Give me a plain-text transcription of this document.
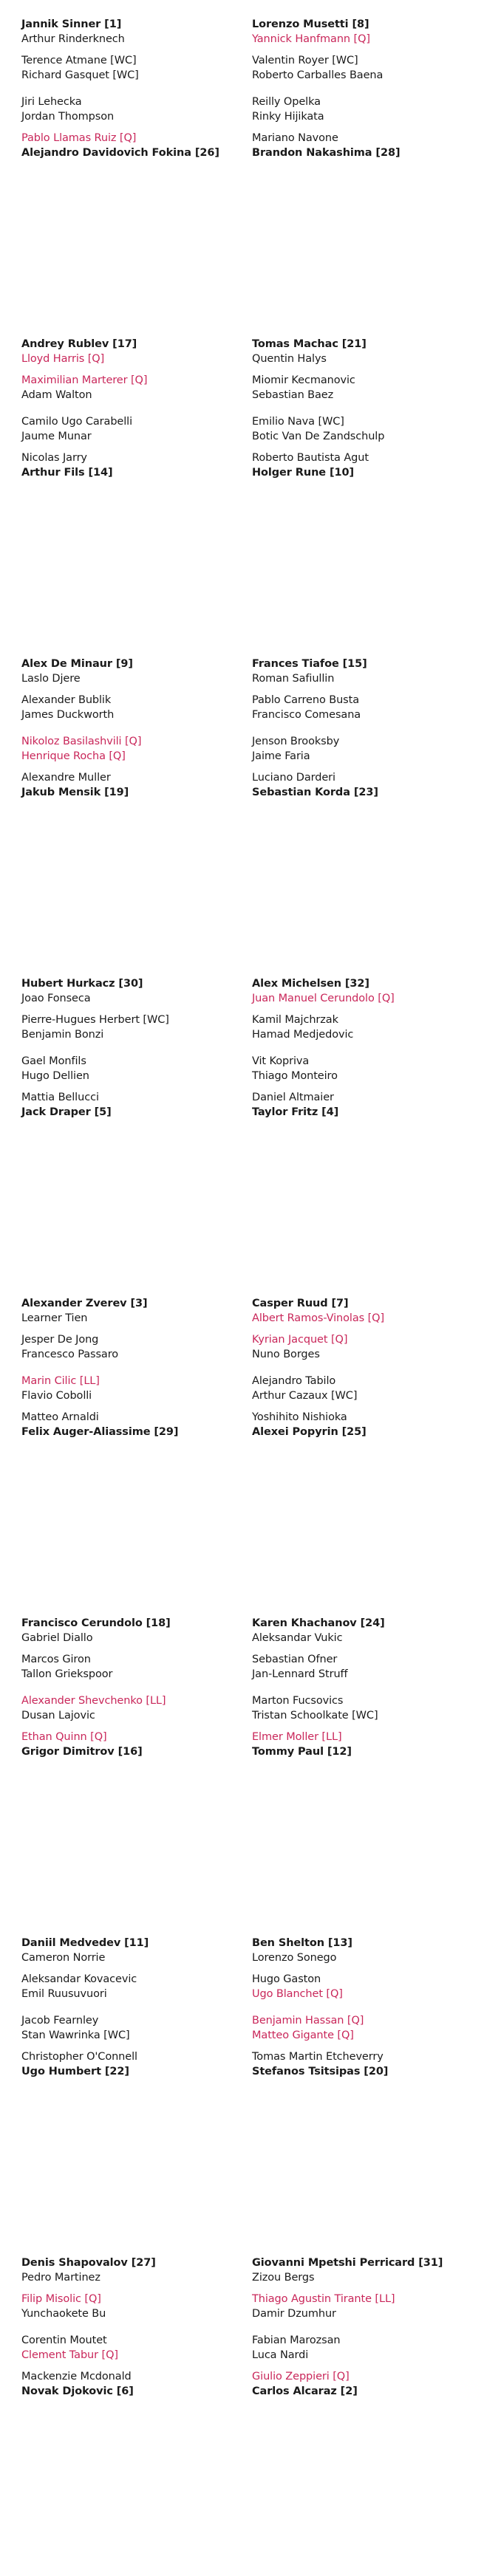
Jannik Sinner [1]
Arthur Rinderknech
Terence Atmane [WC]
Richard Gasquet [WC]
Jiri Lehecka
Jordan Thompson
Pablo Llamas Ruiz [Q]
Alejandro Davidovich Fokina [26]
Andrey Rublev [17]
Lloyd Harris [Q]
Maximilian Marterer [Q]
Adam Walton
Camilo Ugo Carabelli
Jaume Munar
Nicolas Jarry
Arthur Fils [14]
Alex De Minaur [9]
Laslo Djere
Alexander Bublik
James Duckworth
Nikoloz Basilashvili [Q]
Henrique Rocha [Q]
Alexandre Muller
Jakub Mensik [19]
Hubert Hurkacz [30]
Joao Fonseca
Pierre-Hugues Herbert [WC]
Benjamin Bonzi
Gael Monfils
Hugo Dellien
Mattia Bellucci
Jack Draper [5]
Alexander Zverev [3]
Learner Tien
Jesper De Jong
Francesco Passaro
Marin Cilic [LL]
Flavio Cobolli
Matteo Arnaldi
Felix Auger-Aliassime [29]
Francisco Cerundolo [18]
Gabriel Diallo
Marcos Giron
Tallon Griekspoor
Alexander Shevchenko [LL]
Dusan Lajovic
Ethan Quinn [Q]
Grigor Dimitrov [16]
Daniil Medvedev [11]
Cameron Norrie
Aleksandar Kovacevic
Emil Ruusuvuori
Jacob Fearnley
Stan Wawrinka [WC]
Christopher O'Connell
Ugo Humbert [22]
Denis Shapovalov [27]
Pedro Martinez
Filip Misolic [Q]
Yunchaokete Bu
Corentin Moutet
Clement Tabur [Q]
Mackenzie Mcdonald
Novak Djokovic [6]
Lorenzo Musetti [8]
Yannick Hanfmann [Q]
Valentin Royer [WC]
Roberto Carballes Baena
Reilly Opelka
Rinky Hijikata
Mariano Navone
Brandon Nakashima [28]
Tomas Machac [21]
Quentin Halys
Miomir Kecmanovic
Sebastian Baez
Emilio Nava [WC]
Botic Van De Zandschulp
Roberto Bautista Agut
Holger Rune [10]
Frances Tiafoe [15]
Roman Safiullin
Pablo Carreno Busta
Francisco Comesana
Jenson Brooksby
Jaime Faria
Luciano Darderi
Sebastian Korda [23]
Alex Michelsen [32]
Juan Manuel Cerundolo [Q]
Kamil Majchrzak
Hamad Medjedovic
Vit Kopriva
Thiago Monteiro
Daniel Altmaier
Taylor Fritz [4]
Casper Ruud [7]
Albert Ramos-Vinolas [Q]
Kyrian Jacquet [Q]
Nuno Borges
Alejandro Tabilo
Arthur Cazaux [WC]
Yoshihito Nishioka
Alexei Popyrin [25]
Karen Khachanov [24]
Aleksandar Vukic
Sebastian Ofner
Jan-Lennard Struff
Marton Fucsovics
Tristan Schoolkate [WC]
Elmer Moller [LL]
Tommy Paul [12]
Ben Shelton [13]
Lorenzo Sonego
Hugo Gaston
Ugo Blanchet [Q]
Benjamin Hassan [Q]
Matteo Gigante [Q]
Tomas Martin Etcheverry
Stefanos Tsitsipas [20]
Giovanni Mpetshi Perricard [31]
Zizou Bergs
Thiago Agustin Tirante [LL]
Damir Dzumhur
Fabian Marozsan
Luca Nardi
Giulio Zeppieri [Q]
Carlos Alcaraz [2]
